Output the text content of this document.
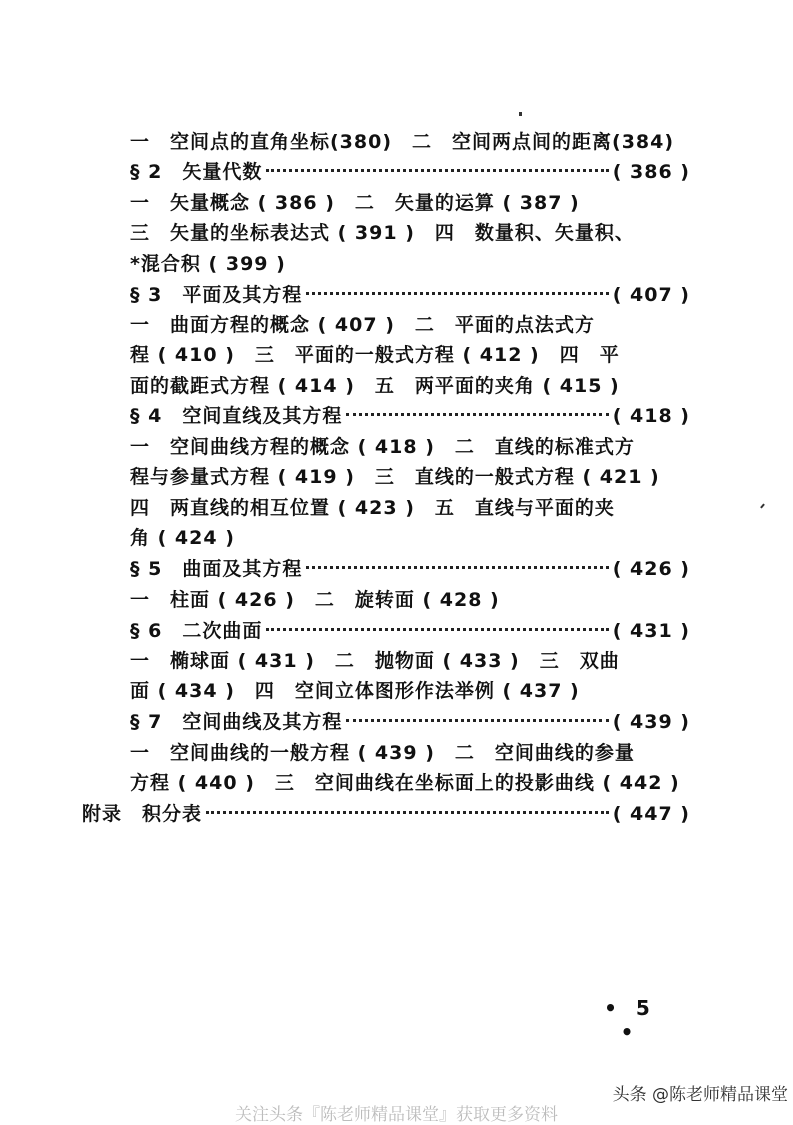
一　空间点的直角坐标(380)　二　空间两点间的距离(384)
§ 2　矢量代数	( 386 )
一　矢量概念 ( 386 )　二　矢量的运算 ( 387 )
三　矢量的坐标表达式 ( 391 )　四　数量积、矢量积、
*混合积 ( 399 )
§ 3　平面及其方程	( 407 )
一　曲面方程的概念 ( 407 )　二　平面的点法式方
程 ( 410 )　三　平面的一般式方程 ( 412 )　四　平
面的截距式方程 ( 414 )　五　两平面的夹角 ( 415 )
§ 4　空间直线及其方程	( 418 )
一　空间曲线方程的概念 ( 418 )　二　直线的标准式方
程与参量式方程 ( 419 )　三　直线的一般式方程 ( 421 )
四　两直线的相互位置 ( 423 )　五　直线与平面的夹
角 ( 424 )
§ 5　曲面及其方程	( 426 )
一　柱面 ( 426 )　二　旋转面 ( 428 )
§ 6　二次曲面	( 431 )
一　椭球面 ( 431 )　二　抛物面 ( 433 )　三　双曲
面 ( 434 )　四　空间立体图形作法举例 ( 437 )
§ 7　空间曲线及其方程	( 439 )
一　空间曲线的一般方程 ( 439 )　二　空间曲线的参量
方程 ( 440 )　三　空间曲线在坐标面上的投影曲线 ( 442 )
附录　积分表	( 447 )
• 5 •
头条 @陈老师精品课堂
关注头条『陈老师精品课堂』获取更多资料
